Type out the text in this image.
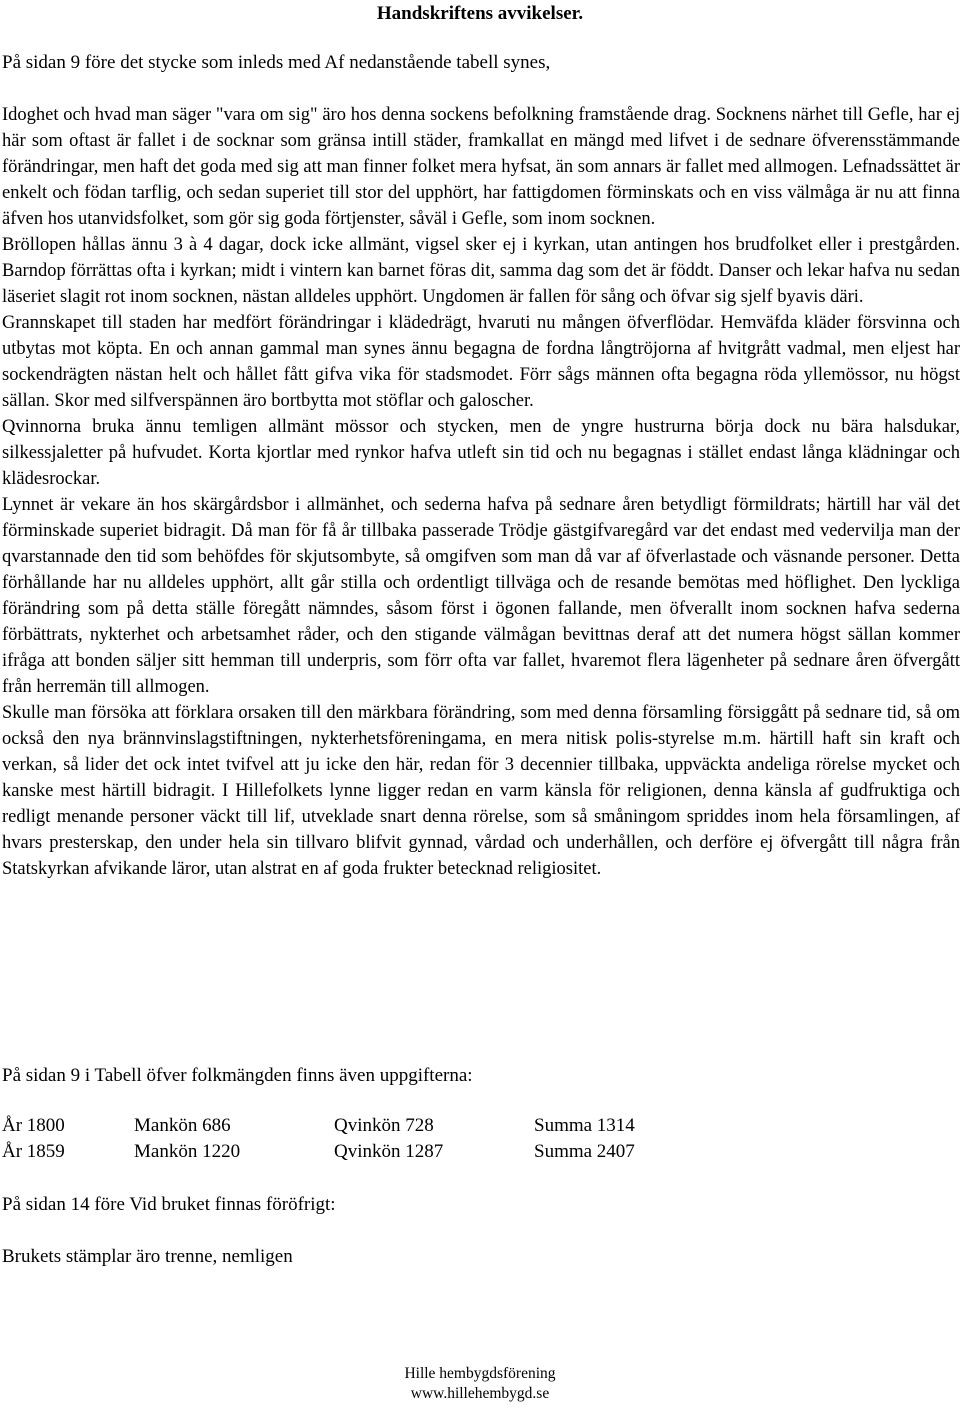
Handskriftens avvikelser.
På sidan 9 före det stycke som inleds med Af nedanstående tabell synes,

Idoghet och hvad man säger "vara om sig" äro hos denna sockens befolkning framstående drag. Socknens närhet till Gefle, har ej här som oftast är fallet i de socknar som gränsa intill städer, framkallat en mängd med lifvet i de sednare öfverensstämmande förändringar, men haft det goda med sig att man finner folket mera hyfsat, än som annars är fallet med allmogen. Lefnadssättet är enkelt och födan tarflig, och sedan superiet till stor del upphört, har fattigdomen förminskats och en viss välmåga är nu att finna äfven hos utanvidsfolket, som gör sig goda förtjenster, såväl i Gefle, som inom socknen.

Bröllopen hållas ännu 3 à 4 dagar, dock icke allmänt, vigsel sker ej i kyrkan, utan antingen hos brudfolket eller i prestgården. Barndop förrättas ofta i kyrkan; midt i vintern kan barnet föras dit, samma dag som det är föddt. Danser och lekar hafva nu sedan läseriet slagit rot inom socknen, nästan alldeles upphört. Ungdomen är fallen för sång och öfvar sig sjelf byavis däri.

Grannskapet till staden har medfört förändringar i klädedrägt, hvaruti nu mången öfverflödar. Hemväfda kläder försvinna och utbytas mot köpta. En och annan gammal man synes ännu begagna de fordna långtröjorna af hvitgrått vadmal, men eljest har sockendrägten nästan helt och hållet fått gifva vika för stadsmodet. Förr sågs männen ofta begagna röda yllemössor, nu högst sällan. Skor med silfverspännen äro bortbytta mot stöflar och galoscher.

Qvinnorna bruka ännu temligen allmänt mössor och stycken, men de yngre hustrurna börja dock nu bära halsdukar, silkessjaletter på hufvudet. Korta kjortlar med rynkor hafva utleft sin tid och nu begagnas i stället endast långa klädningar och klädesrockar.

Lynnet är vekare än hos skärgårdsbor i allmänhet, och sederna hafva på sednare åren betydligt förmildrats; härtill har väl det förminskade superiet bidragit. Då man för få år tillbaka passerade Trödje gästgifvaregård var det endast med vedervilja man der qvarstannade den tid som behöfdes för skjutsombyte, så omgifven som man då var af öfverlastade och väsnande personer. Detta förhållande har nu alldeles upphört, allt går stilla och ordentligt tillväga och de resande bemötas med höflighet. Den lyckliga förändring som på detta ställe föregått nämndes, såsom först i ögonen fallande, men öfverallt inom socknen hafva sederna förbättrats, nykterhet och arbetsamhet råder, och den stigande välmågan bevittnas deraf att det numera högst sällan kommer ifråga att bonden säljer sitt hemman till underpris, som förr ofta var fallet, hvaremot flera lägenheter på sednare åren öfvergått från herremän till allmogen.

Skulle man försöka att förklara orsaken till den märkbara förändring, som med denna församling försiggått på sednare tid, så om också den nya brännvinslagstiftningen, nykterhetsföreningama, en mera nitisk polis-styrelse m.m. härtill haft sin kraft och verkan, så lider det ock intet tvifvel att ju icke den här, redan för 3 decennier tillbaka, uppväckta andeliga rörelse mycket och kanske mest härtill bidragit. I Hillefolkets lynne ligger redan en varm känsla för religionen, denna känsla af gudfruktiga och redligt menande personer väckt till lif, utveklade snart denna rörelse, som så småningom spriddes inom hela församlingen, af hvars presterskap, den under hela sin tillvaro blifvit gynnad, vårdad och underhållen, och derföre ej öfvergått till några från Statskyrkan afvikande läror, utan alstrat en af goda frukter betecknad religiositet.

På sidan 9 i Tabell öfver folkmängden finns även uppgifterna:
År 1800	Mankön 686	Qvinkön 728	Summa 1314
År 1859	Mankön 1220	Qvinkön 1287	Summa 2407
På sidan 14 före Vid bruket finnas föröfrigt:
Brukets stämplar äro trenne, nemligen
Hille hembygdsförening
www.hillehembygd.se
